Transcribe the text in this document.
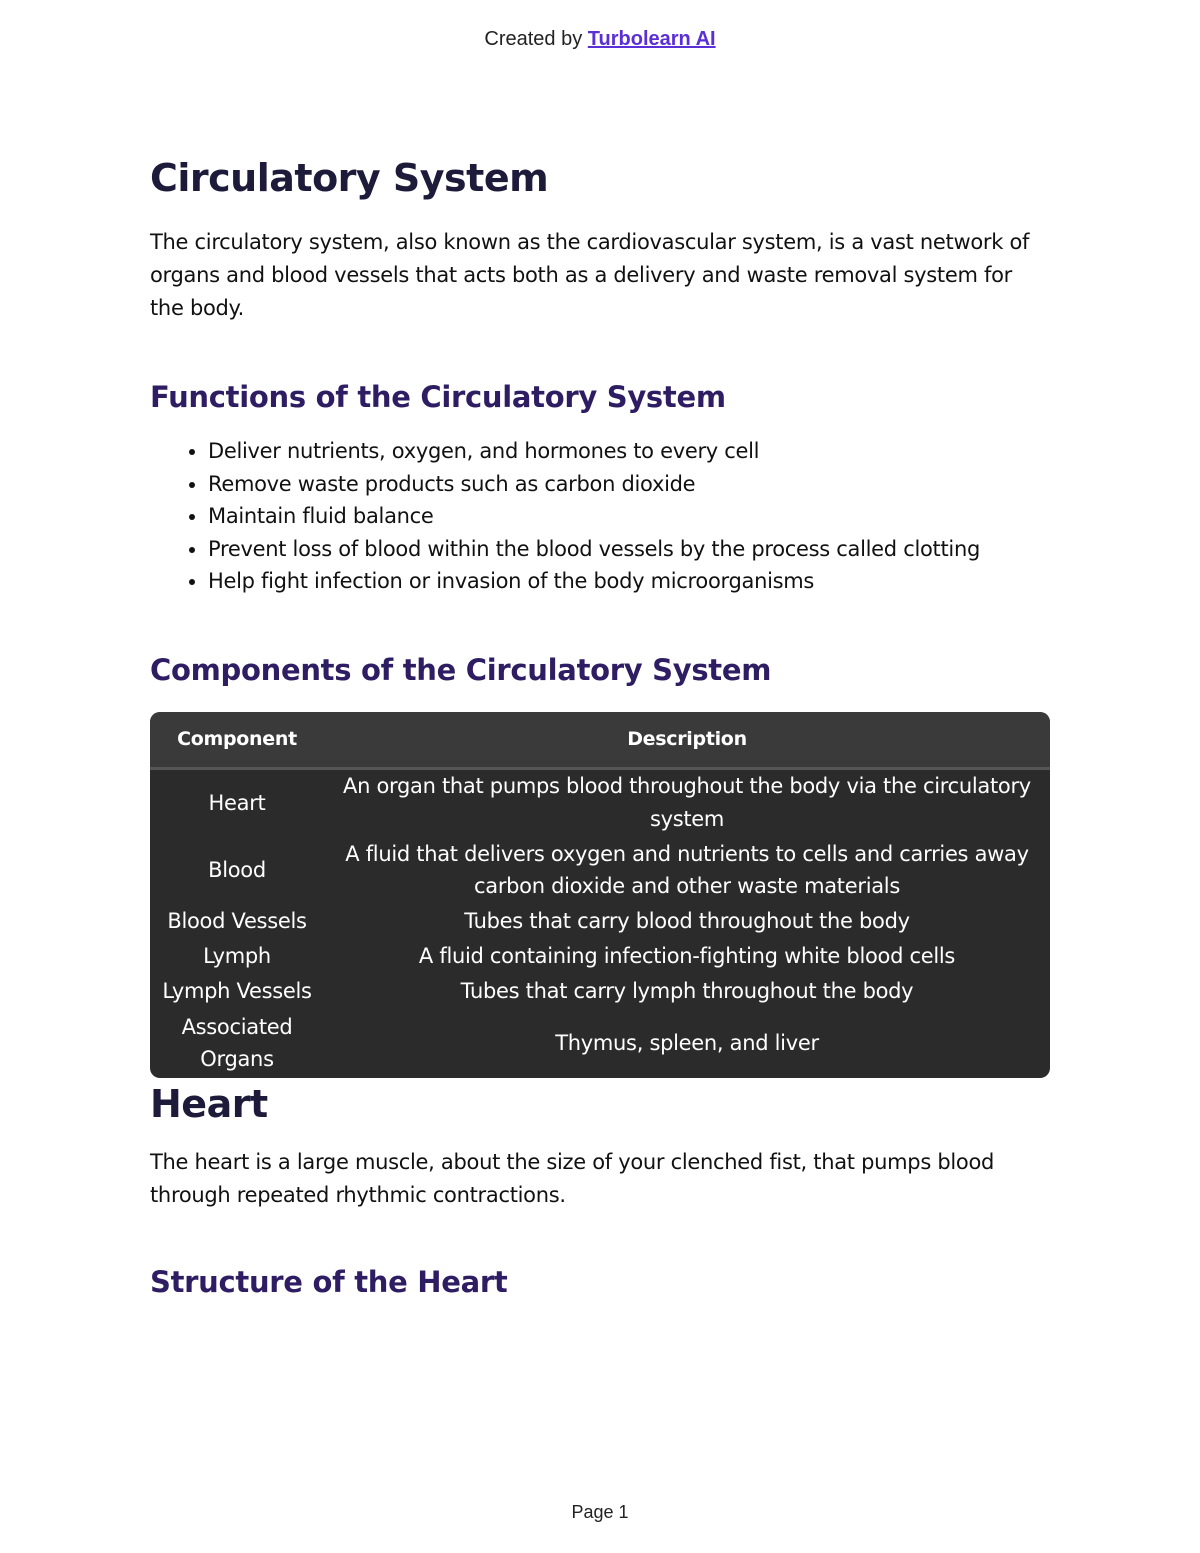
Created by Turbolearn AI
Circulatory System

The circulatory system, also known as the cardiovascular system, is a vast network of organs and blood vessels that acts both as a delivery and waste removal system for the body.

Functions of the Circulatory System
• Deliver nutrients, oxygen, and hormones to every cell
• Remove waste products such as carbon dioxide
• Maintain fluid balance
• Prevent loss of blood within the blood vessels by the process called clotting
• Help fight infection or invasion of the body microorganisms
Components of the Circulatory System
Component	Description
Heart	An organ that pumps blood throughout the body via the circulatory system
Blood	A fluid that delivers oxygen and nutrients to cells and carries away carbon dioxide and other waste materials
Blood Vessels	Tubes that carry blood throughout the body
Lymph	A fluid containing infection-fighting white blood cells
Lymph Vessels	Tubes that carry lymph throughout the body
Associated Organs	Thymus, spleen, and liver
Heart

The heart is a large muscle, about the size of your clenched fist, that pumps blood through repeated rhythmic contractions.

Structure of the Heart
Page 1
